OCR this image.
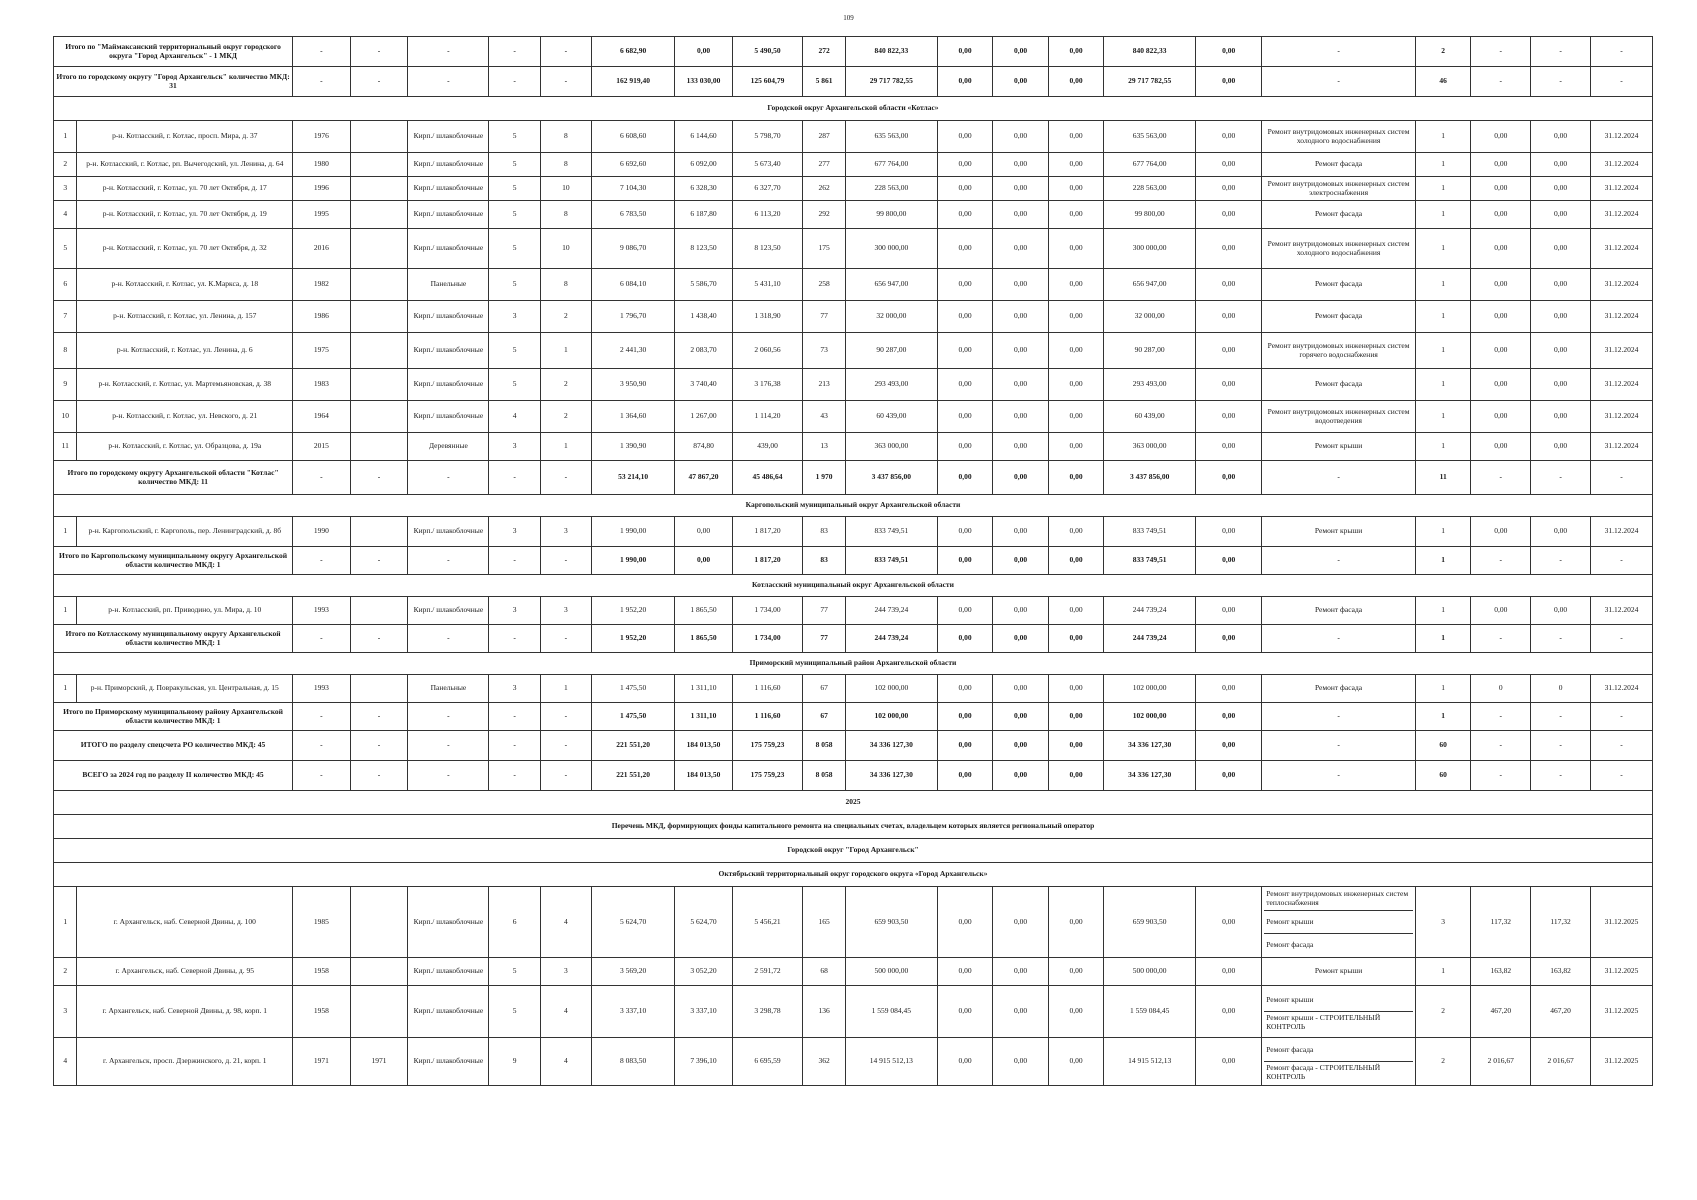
109
Итого по "Маймаксанский территориальный округ городского округа "Город Архангельск" - 1 МКД		-	-	-	-	-	6 682,90	0,00	5 490,50	272	840 822,33	0,00	0,00	0,00	840 822,33	0,00	-	2	-	-	-
Итого по городскому округу "Город Архангельск" количество МКД: 31		-	-	-	-	-	162 919,40	133 030,00	125 604,79	5 861	29 717 782,55	0,00	0,00	0,00	29 717 782,55	0,00	-	46	-	-	-
Городской округ Архангельской области «Котлас»																					
1	р-н. Котласский, г. Котлас, просп. Мира, д. 37	1976		Кирп./ шлакоблочные	5	8	6 608,60	6 144,60	5 798,70	287	635 563,00	0,00	0,00	0,00	635 563,00	0,00	Ремонт внутридомовых инженерных систем холодного водоснабжения	1	0,00	0,00	31.12.2024
2	р-н. Котласский, г. Котлас, рп. Вычегодский, ул. Ленина, д. 64	1980		Кирп./ шлакоблочные	5	8	6 692,60	6 092,00	5 673,40	277	677 764,00	0,00	0,00	0,00	677 764,00	0,00	Ремонт фасада	1	0,00	0,00	31.12.2024
3	р-н. Котласский, г. Котлас, ул. 70 лет Октября, д. 17	1996		Кирп./ шлакоблочные	5	10	7 104,30	6 328,30	6 327,70	262	228 563,00	0,00	0,00	0,00	228 563,00	0,00	Ремонт внутридомовых инженерных систем электроснабжения	1	0,00	0,00	31.12.2024
4	р-н. Котласский, г. Котлас, ул. 70 лет Октября, д. 19	1995		Кирп./ шлакоблочные	5	8	6 783,50	6 187,80	6 113,20	292	99 800,00	0,00	0,00	0,00	99 800,00	0,00	Ремонт фасада	1	0,00	0,00	31.12.2024
5	р-н. Котласский, г. Котлас, ул. 70 лет Октября, д. 32	2016		Кирп./ шлакоблочные	5	10	9 086,70	8 123,50	8 123,50	175	300 000,00	0,00	0,00	0,00	300 000,00	0,00	Ремонт внутридомовых инженерных систем холодного водоснабжения	1	0,00	0,00	31.12.2024
6	р-н. Котласский, г. Котлас, ул. К.Маркса, д. 18	1982		Панельные	5	8	6 084,10	5 586,70	5 431,10	258	656 947,00	0,00	0,00	0,00	656 947,00	0,00	Ремонт фасада	1	0,00	0,00	31.12.2024
7	р-н. Котласский, г. Котлас, ул. Ленина, д. 157	1986		Кирп./ шлакоблочные	3	2	1 796,70	1 438,40	1 318,90	77	32 000,00	0,00	0,00	0,00	32 000,00	0,00	Ремонт фасада	1	0,00	0,00	31.12.2024
8	р-н. Котласский, г. Котлас, ул. Ленина, д. 6	1975		Кирп./ шлакоблочные	5	1	2 441,30	2 083,70	2 060,56	73	90 287,00	0,00	0,00	0,00	90 287,00	0,00	Ремонт внутридомовых инженерных систем горячего водоснабжения	1	0,00	0,00	31.12.2024
9	р-н. Котласский, г. Котлас, ул. Мартемьяновская, д. 38	1983		Кирп./ шлакоблочные	5	2	3 950,90	3 740,40	3 176,38	213	293 493,00	0,00	0,00	0,00	293 493,00	0,00	Ремонт фасада	1	0,00	0,00	31.12.2024
10	р-н. Котласский, г. Котлас, ул. Невского, д. 21	1964		Кирп./ шлакоблочные	4	2	1 364,60	1 267,00	1 114,20	43	60 439,00	0,00	0,00	0,00	60 439,00	0,00	Ремонт внутридомовых инженерных систем водоотведения	1	0,00	0,00	31.12.2024
11	р-н. Котласский, г. Котлас, ул. Образцова, д. 19а	2015		Деревянные	3	1	1 390,90	874,80	439,00	13	363 000,00	0,00	0,00	0,00	363 000,00	0,00	Ремонт крыши	1	0,00	0,00	31.12.2024
Итого по городскому округу Архангельской области "Котлас" количество МКД: 11		-	-	-	-	-	53 214,10	47 867,20	45 486,64	1 970	3 437 856,00	0,00	0,00	0,00	3 437 856,00	0,00	-	11	-	-	-
Каргопольский муниципальный округ Архангельской области																					
1	р-н. Каргопольский, г. Каргополь, пер. Ленинградский, д. 8б	1990		Кирп./ шлакоблочные	3	3	1 990,00	0,00	1 817,20	83	833 749,51	0,00	0,00	0,00	833 749,51	0,00	Ремонт крыши	1	0,00	0,00	31.12.2024
Итого по Каргопольскому муниципальному округу Архангельской области количество МКД: 1		-	-	-	-	-	1 990,00	0,00	1 817,20	83	833 749,51	0,00	0,00	0,00	833 749,51	0,00	-	1	-	-	-
Котласский муниципальный округ Архангельской области																					
1	р-н. Котласский, рп. Приводино, ул. Мира, д. 10	1993		Кирп./ шлакоблочные	3	3	1 952,20	1 865,50	1 734,00	77	244 739,24	0,00	0,00	0,00	244 739,24	0,00	Ремонт фасада	1	0,00	0,00	31.12.2024
Итого по Котласскому муниципальному округу Архангельской области количество МКД: 1		-	-	-	-	-	1 952,20	1 865,50	1 734,00	77	244 739,24	0,00	0,00	0,00	244 739,24	0,00	-	1	-	-	-
Приморский муниципальный район Архангельской области																					
1	р-н. Приморский, д. Повракульская, ул. Центральная, д. 15	1993		Панельные	3	1	1 475,50	1 311,10	1 116,60	67	102 000,00	0,00	0,00	0,00	102 000,00	0,00	Ремонт фасада	1	0	0	31.12.2024
Итого по Приморскому муниципальному району Архангельской области количество МКД: 1		-	-	-	-	-	1 475,50	1 311,10	1 116,60	67	102 000,00	0,00	0,00	0,00	102 000,00	0,00	-	1	-	-	-
ИТОГО по разделу спецсчета РО количество МКД: 45		-	-	-	-	-	221 551,20	184 013,50	175 759,23	8 058	34 336 127,30	0,00	0,00	0,00	34 336 127,30	0,00	-	60	-	-	-
ВСЕГО за 2024 год по разделу II количество МКД: 45		-	-	-	-	-	221 551,20	184 013,50	175 759,23	8 058	34 336 127,30	0,00	0,00	0,00	34 336 127,30	0,00	-	60	-	-	-
2025																					
Перечень МКД, формирующих фонды капитального ремонта на специальных счетах, владельцем которых является региональный оператор																					
Городской округ "Город Архангельск"																					
Октябрьский территориальный округ городского округа «Город Архангельск»																					
1	г. Архангельск, наб. Северной Двины, д. 100	1985		Кирп./ шлакоблочные	6	4	5 624,70	5 624,70	5 456,21	165	659 903,50	0,00	0,00	0,00	659 903,50	0,00	Ремонт внутридомовых инженерных систем теплоснабжения
Ремонт крыши
Ремонт фасада	3	117,32	117,32	31.12.2025
2	г. Архангельск, наб. Северной Двины, д. 95	1958		Кирп./ шлакоблочные	5	3	3 569,20	3 052,20	2 591,72	68	500 000,00	0,00	0,00	0,00	500 000,00	0,00	Ремонт крыши	1	163,82	163,82	31.12.2025
3	г. Архангельск, наб. Северной Двины, д. 98, корп. 1	1958		Кирп./ шлакоблочные	5	4	3 337,10	3 337,10	3 298,78	136	1 559 084,45	0,00	0,00	0,00	1 559 084,45	0,00	Ремонт крыши
Ремонт крыши - СТРОИТЕЛЬНЫЙ КОНТРОЛЬ	2	467,20	467,20	31.12.2025
4	г. Архангельск, просп. Дзержинского, д. 21, корп. 1	1971	1971	Кирп./ шлакоблочные	9	4	8 083,50	7 396,10	6 695,59	362	14 915 512,13	0,00	0,00	0,00	14 915 512,13	0,00	Ремонт фасада
Ремонт фасада - СТРОИТЕЛЬНЫЙ КОНТРОЛЬ	2	2 016,67	2 016,67	31.12.2025
